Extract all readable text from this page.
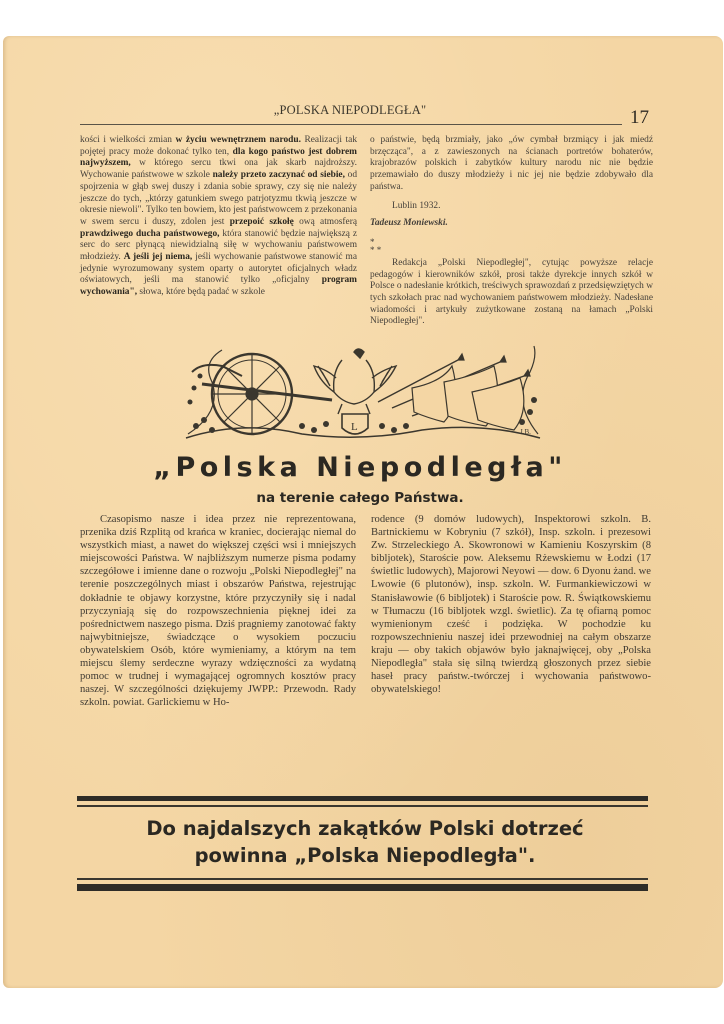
„POLSKA NIEPODLEGŁA"	17

kości i wielkości zmian w życiu wewnętrznem narodu. Realizacji tak pojętej pracy może dokonać tylko ten, dla kogo państwo jest dobrem najwyższem, w którego sercu tkwi ona jak skarb najdroższy. Wychowanie państwowe w szkole należy przeto zaczynać od siebie, od spojrzenia w głąb swej duszy i zdania sobie sprawy, czy się nie należy jeszcze do tych, „którzy gatunkiem swego patrjotyzmu tkwią jeszcze w okresie niewoli". Tylko ten bowiem, kto jest państwowcem z przekonania w swem sercu i duszy, zdolen jest przepoić szkołę ową atmosferą prawdziwego ducha państwowego, która stanowić będzie największą z serc do serc płynącą niewidzialną siłę w wychowaniu państwowem młodzieży. A jeśli jej niema, jeśli wychowanie państwowe stanowić ma jedynie wyrozumowany system oparty o autorytet oficjalnych władz oświatowych, jeśli ma stanowić tylko „oficjalny program wychowania", słowa, które będą padać w szkole

o państwie, będą brzmiały, jako „ów cymbał brzmiący i jak miedź brzęcząca", a z zawieszonych na ścianach portretów bohaterów, krajobrazów polskich i zabytków kultury narodu nic nie będzie przemawiało do duszy młodzieży i nic jej nie będzie zdobywało dla państwa.

Lublin 1932.

Tadeusz Moniewski.

*
* *

Redakcja „Polski Niepodległej", cytując powyższe relacje pedagogów i kierowników szkół, prosi także dyrekcje innych szkół w Polsce o nadesłanie krótkich, treściwych sprawozdań z przedsięwziętych w tych szkołach prac nad wychowaniem państwowem młodzieży. Nadesłane wiadomości i artykuły zużytkowane zostaną na łamach „Polski Niepodległej".

L	J.B.
„Polska Niepodległa"
na terenie całego Państwa.

Czasopismo nasze i idea przez nie reprezentowana, przenika dziś Rzplitą od krańca w kraniec, docierając niemal do wszystkich miast, a nawet do większej części wsi i mniejszych miejscowości Państwa. W najbliższym numerze pisma podamy szczegółowe i imienne dane o rozwoju „Polski Niepodległej" na terenie poszczególnych miast i obszarów Państwa, rejestrując dokładnie te objawy korzystne, które przyczyniły się i nadal przyczyniają się do rozpowszechnienia pięknej idei za pośrednictwem naszego pisma. Dziś pragniemy zanotować fakty najwybitniejsze, świadczące o wysokiem poczuciu obywatelskiem Osób, które wymieniamy, a którym na tem miejscu ślemy serdeczne wyrazy wdzięczności za wydatną pomoc w trudnej i wymagającej ogromnych kosztów pracy naszej. W szczególności dziękujemy JWPP.: Przewodn. Rady szkoln. powiat. Garlickiemu w Ho-

rodence (9 domów ludowych), Inspektorowi szkoln. B. Bartnickiemu w Kobryniu (7 szkół), Insp. szkoln. i prezesowi Zw. Strzeleckiego A. Skowronowi w Kamieniu Koszyrskim (8 bibljotek), Staroście pow. Aleksemu Rżewskiemu w Łodzi (17 świetlic ludowych), Majorowi Neyowi — dow. 6 Dyonu żand. we Lwowie (6 plutonów), insp. szkoln. W. Furmankiewiczowi w Stanisławowie (6 bibljotek) i Staroście pow. R. Świątkowskiemu w Tłumaczu (16 bibljotek wzgl. świetlic). Za tę ofiarną pomoc wymienionym cześć i podzięka. W pochodzie ku rozpowszechnieniu naszej idei przewodniej na całym obszarze kraju — oby takich objawów było jaknajwięcej, oby „Polska Niepodległa" stała się silną twierdzą głoszonych przez siebie haseł pracy państw.-twórczej i wychowania państwowo-obywatelskiego!

Do najdalszych zakątków Polski dotrzeć
powinna „Polska Niepodległa".
